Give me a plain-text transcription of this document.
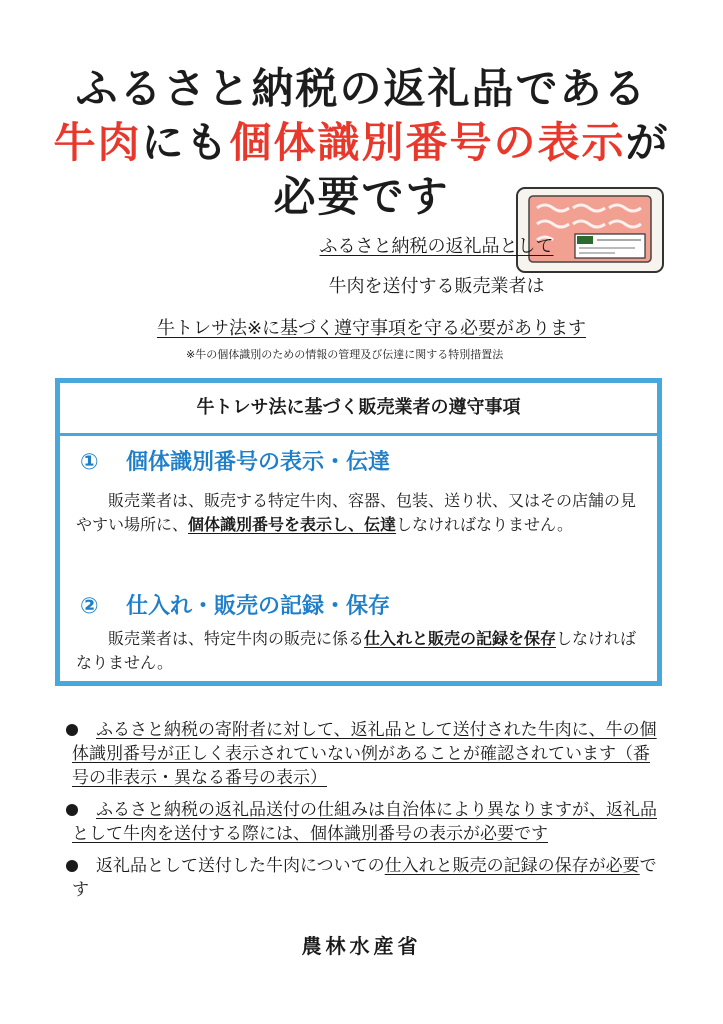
ふるさと納税の返礼品である
牛肉にも個体識別番号の表示が
必要です
ふるさと納税の返礼品として
牛肉を送付する販売業者は
牛トレサ法※に基づく遵守事項を守る必要があります
※牛の個体識別のための情報の管理及び伝達に関する特別措置法
牛トレサ法に基づく販売業者の遵守事項
① 個体識別番号の表示・伝達

販売業者は、販売する特定牛肉、容器、包装、送り状、又はその店舗の見やすい場所に、個体識別番号を表示し、伝達しなければなりません。

② 仕入れ・販売の記録・保存

販売業者は、特定牛肉の販売に係る仕入れと販売の記録を保存しなければなりません。

ふるさと納税の寄附者に対して、返礼品として送付された牛肉に、牛の個体識別番号が正しく表示されていない例があることが確認されています（番号の非表示・異なる番号の表示）
ふるさと納税の返礼品送付の仕組みは自治体により異なりますが、返礼品として牛肉を送付する際には、個体識別番号の表示が必要です
返礼品として送付した牛肉についての仕入れと販売の記録の保存が必要です
農林水産省
